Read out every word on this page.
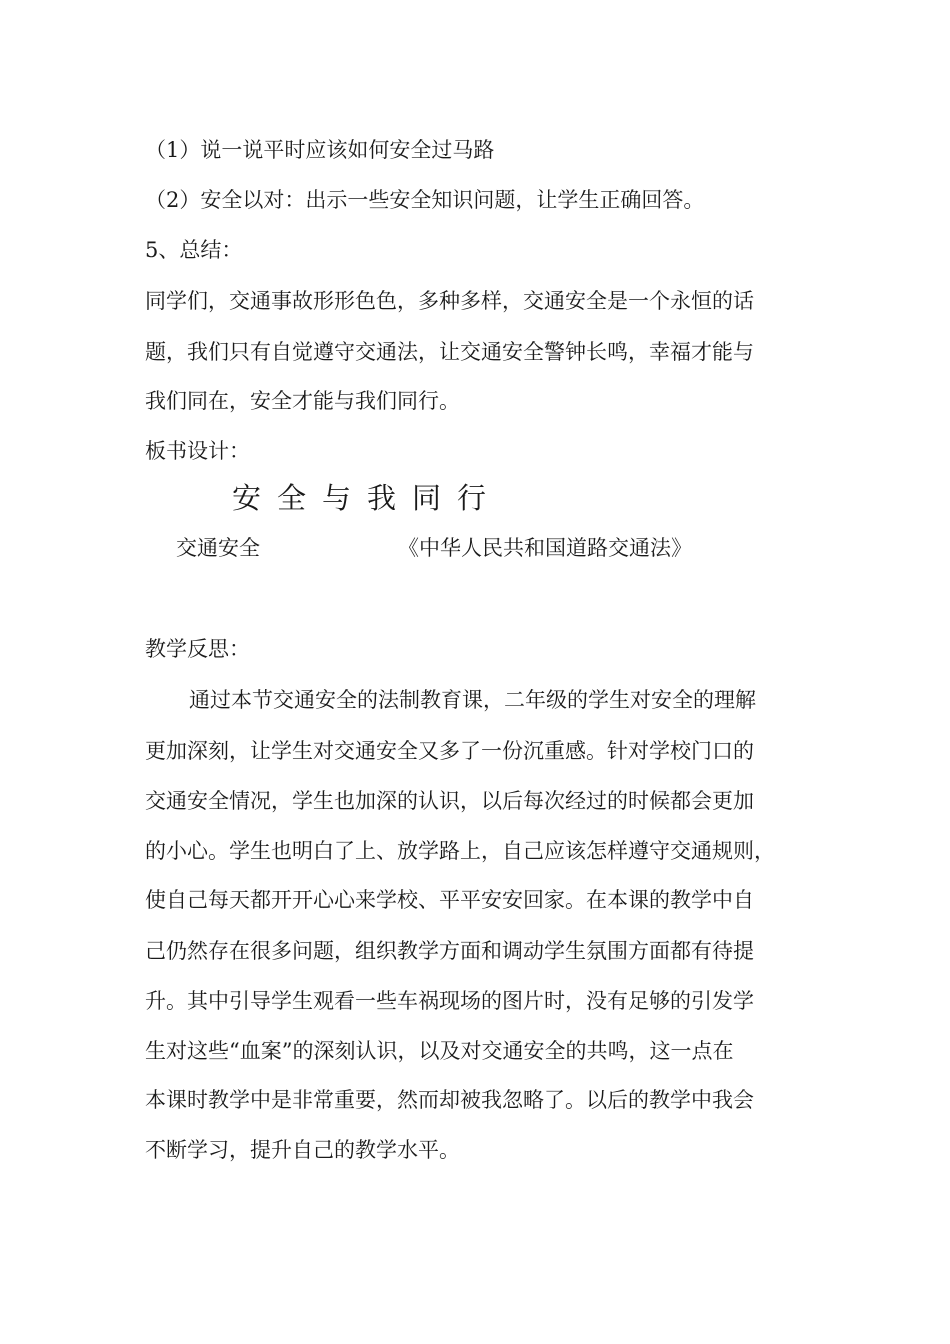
（1）说一说平时应该如何安全过马路
（2）安全以对：出示一些安全知识问题，让学生正确回答。
5、总结：
同学们，交通事故形形色色，多种多样，交通安全是一个永恒的话
题，我们只有自觉遵守交通法，让交通安全警钟长鸣，幸福才能与
我们同在，安全才能与我们同行。
板书设计：
安全与我同行
交通安全	《中华人民共和国道路交通法》
教学反思：
通过本节交通安全的法制教育课，二年级的学生对安全的理解
更加深刻，让学生对交通安全又多了一份沉重感。针对学校门口的
交通安全情况，学生也加深的认识，以后每次经过的时候都会更加
的小心。学生也明白了上、放学路上，自己应该怎样遵守交通规则，
使自己每天都开开心心来学校、平平安安回家。在本课的教学中自
己仍然存在很多问题，组织教学方面和调动学生氛围方面都有待提
升。其中引导学生观看一些车祸现场的图片时，没有足够的引发学
生对这些“血案”的深刻认识，以及对交通安全的共鸣，这一点在
本课时教学中是非常重要，然而却被我忽略了。以后的教学中我会
不断学习，提升自己的教学水平。
